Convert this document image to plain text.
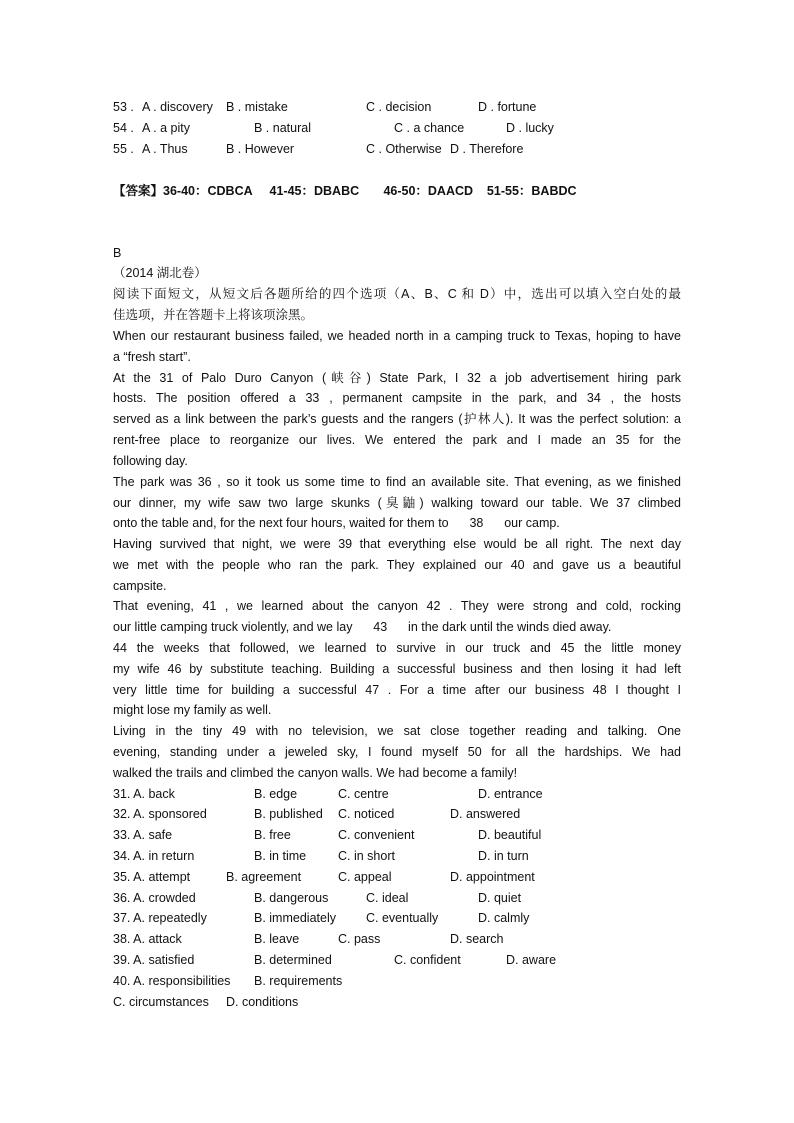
53 . A . discovery B . mistake	C . decision	D . fortune
54 . A . a pity	B . natural	C . a chance	D . lucky
55 . A . Thus	B . However	C . Otherwise D . Therefore
【答案】36-40：CDBCA     41-45：DBABC       46-50：DAACD    51-55：BABDC
B
（2014 湖北卷）
阅读下面短文，从短文后各题所给的四个选项（A、B、C 和 D）中，选出可以填入空白处的最
佳选项，并在答题卡上将该项涂黑。
When our restaurant business failed, we headed north in a camping truck to Texas, hoping to have
a “fresh start”.
At the 31 of Palo Duro Canyon (峡谷) State Park, I 32 a job advertisement hiring park
hosts. The position offered a 33 , permanent campsite in the park, and 34 , the hosts
served as a link between the park’s guests and the rangers (护林人). It was the perfect solution: a
rent-free place to reorganize our lives. We entered the park and I made an 35 for the
following day.
The park was 36 , so it took us some time to find an available site. That evening, as we finished
our dinner, my wife saw two large skunks (臭鼬) walking toward our table. We 37 climbed
onto the table and, for the next four hours, waited for them to      38      our camp.
Having survived that night, we were 39 that everything else would be all right. The next day
we met with the people who ran the park. They explained our 40 and gave us a beautiful
campsite.
That evening, 41 , we learned about the canyon 42 . They were strong and cold, rocking
our little camping truck violently, and we lay      43      in the dark until the winds died away.
44 the weeks that followed, we learned to survive in our truck and 45 the little money
my wife 46 by substitute teaching. Building a successful business and then losing it had left
very little time for building a successful 47 . For a time after our business 48 I thought I
might lose my family as well.
Living in the tiny 49 with no television, we sat close together reading and talking. One
evening, standing under a jeweled sky, I found myself 50 for all the hardships. We had
walked the trails and climbed the canyon walls. We had become a family!
31. A. back	B. edge	C. centre	D. entrance
32. A. sponsored	B. published C. noticed	D. answered
33. A. safe	B. free	C. convenient	D. beautiful
34. A. in return	B. in time	C. in short	D. in turn
35. A. attempt	B. agreement	C. appeal	D. appointment
36. A. crowded	B. dangerous	C. ideal	D. quiet
37. A. repeatedly	B. immediately C. eventually	D. calmly
38. A. attack	B. leave	C. pass	D. search
39. A. satisfied	B. determined	C. confident	D. aware
40. A. responsibilities B. requirements
C. circumstances D. conditions
